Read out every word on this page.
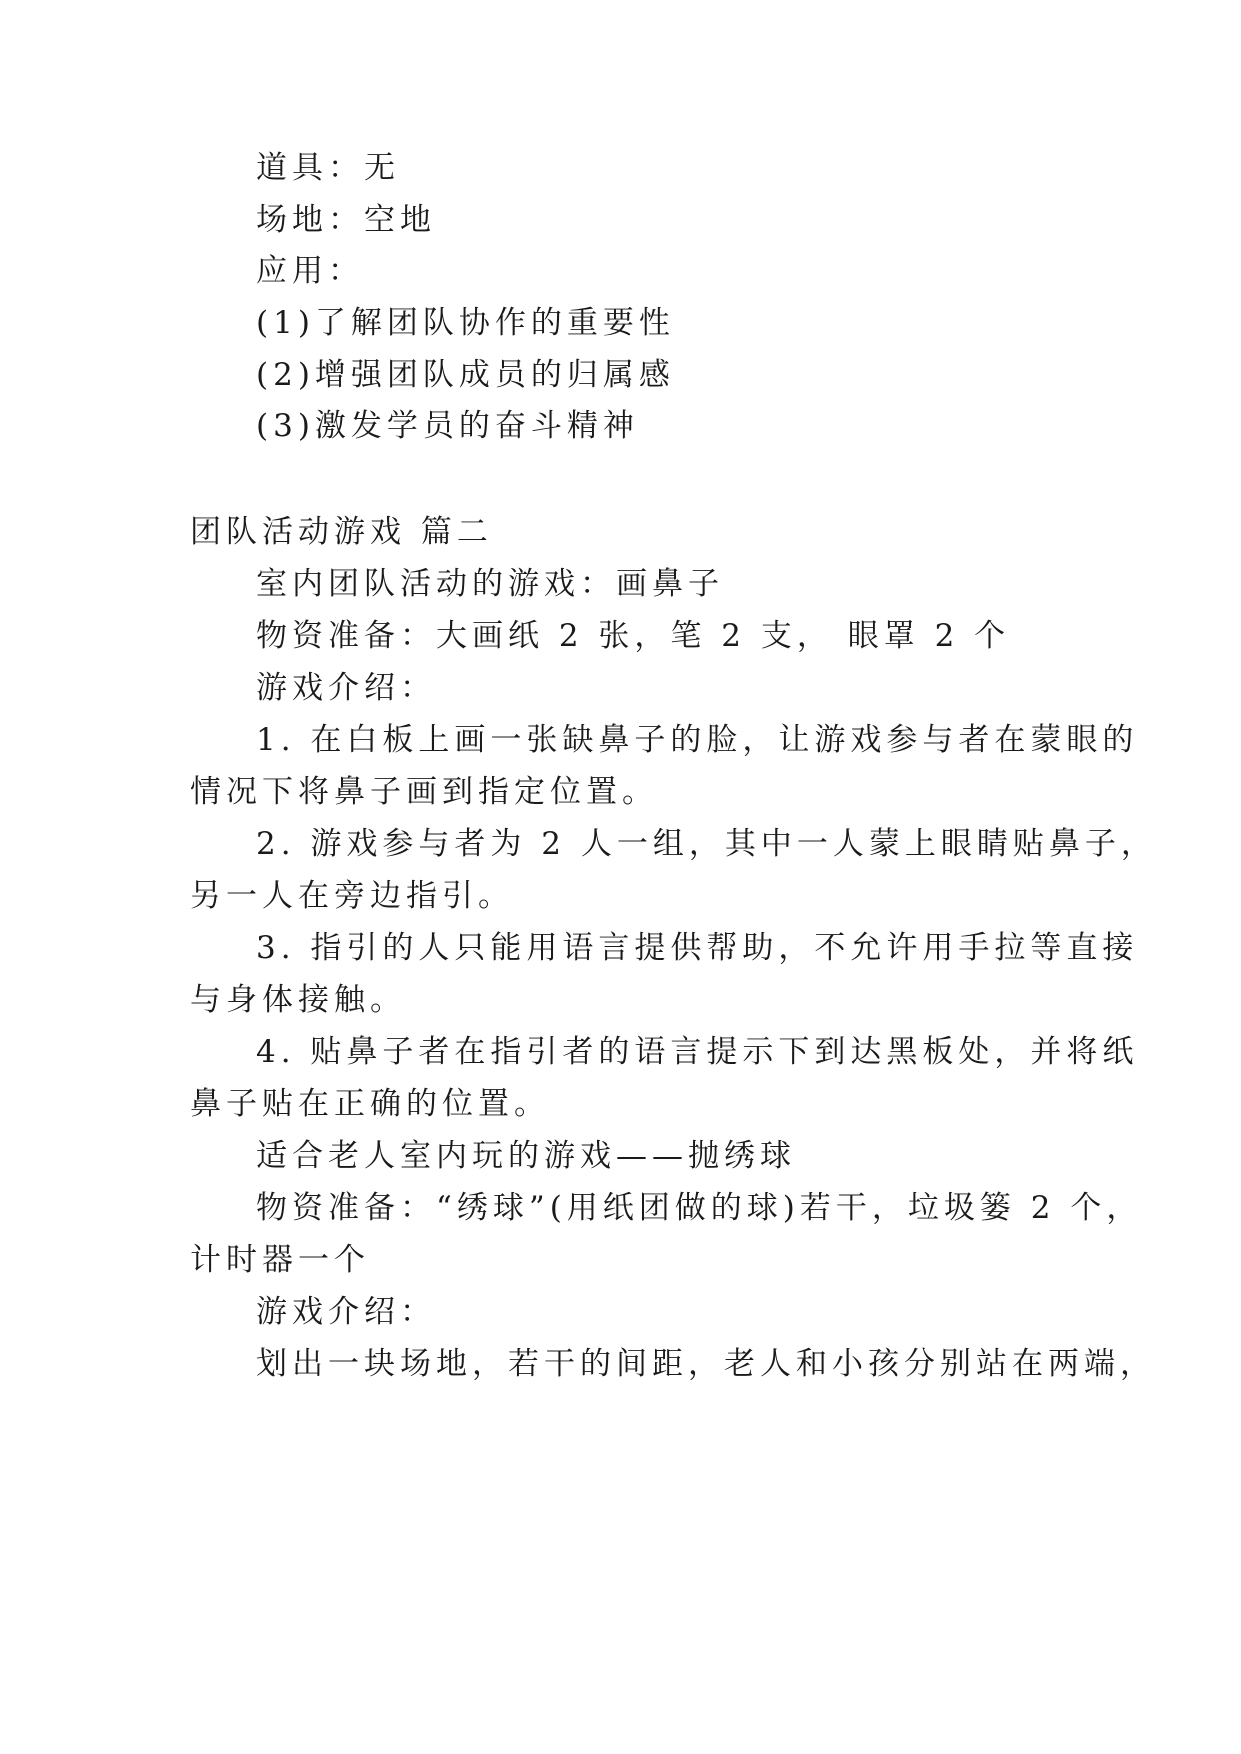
道具：无
场地：空地
应用：
(1)了解团队协作的重要性
(2)增强团队成员的归属感
(3)激发学员的奋斗精神
团队活动游戏 篇二
室内团队活动的游戏：画鼻子
物资准备：大画纸 2 张，笔 2 支， 眼罩 2 个
游戏介绍：
1. 在白板上画一张缺鼻子的脸，让游戏参与者在蒙眼的
情况下将鼻子画到指定位置。
2. 游戏参与者为 2 人一组，其中一人蒙上眼睛贴鼻子，
另一人在旁边指引。
3. 指引的人只能用语言提供帮助，不允许用手拉等直接
与身体接触。
4. 贴鼻子者在指引者的语言提示下到达黑板处，并将纸
鼻子贴在正确的位置。
适合老人室内玩的游戏——抛绣球
物资准备：“绣球”(用纸团做的球)若干，垃圾篓 2 个，
计时器一个
游戏介绍：
划出一块场地，若干的间距，老人和小孩分别站在两端，
